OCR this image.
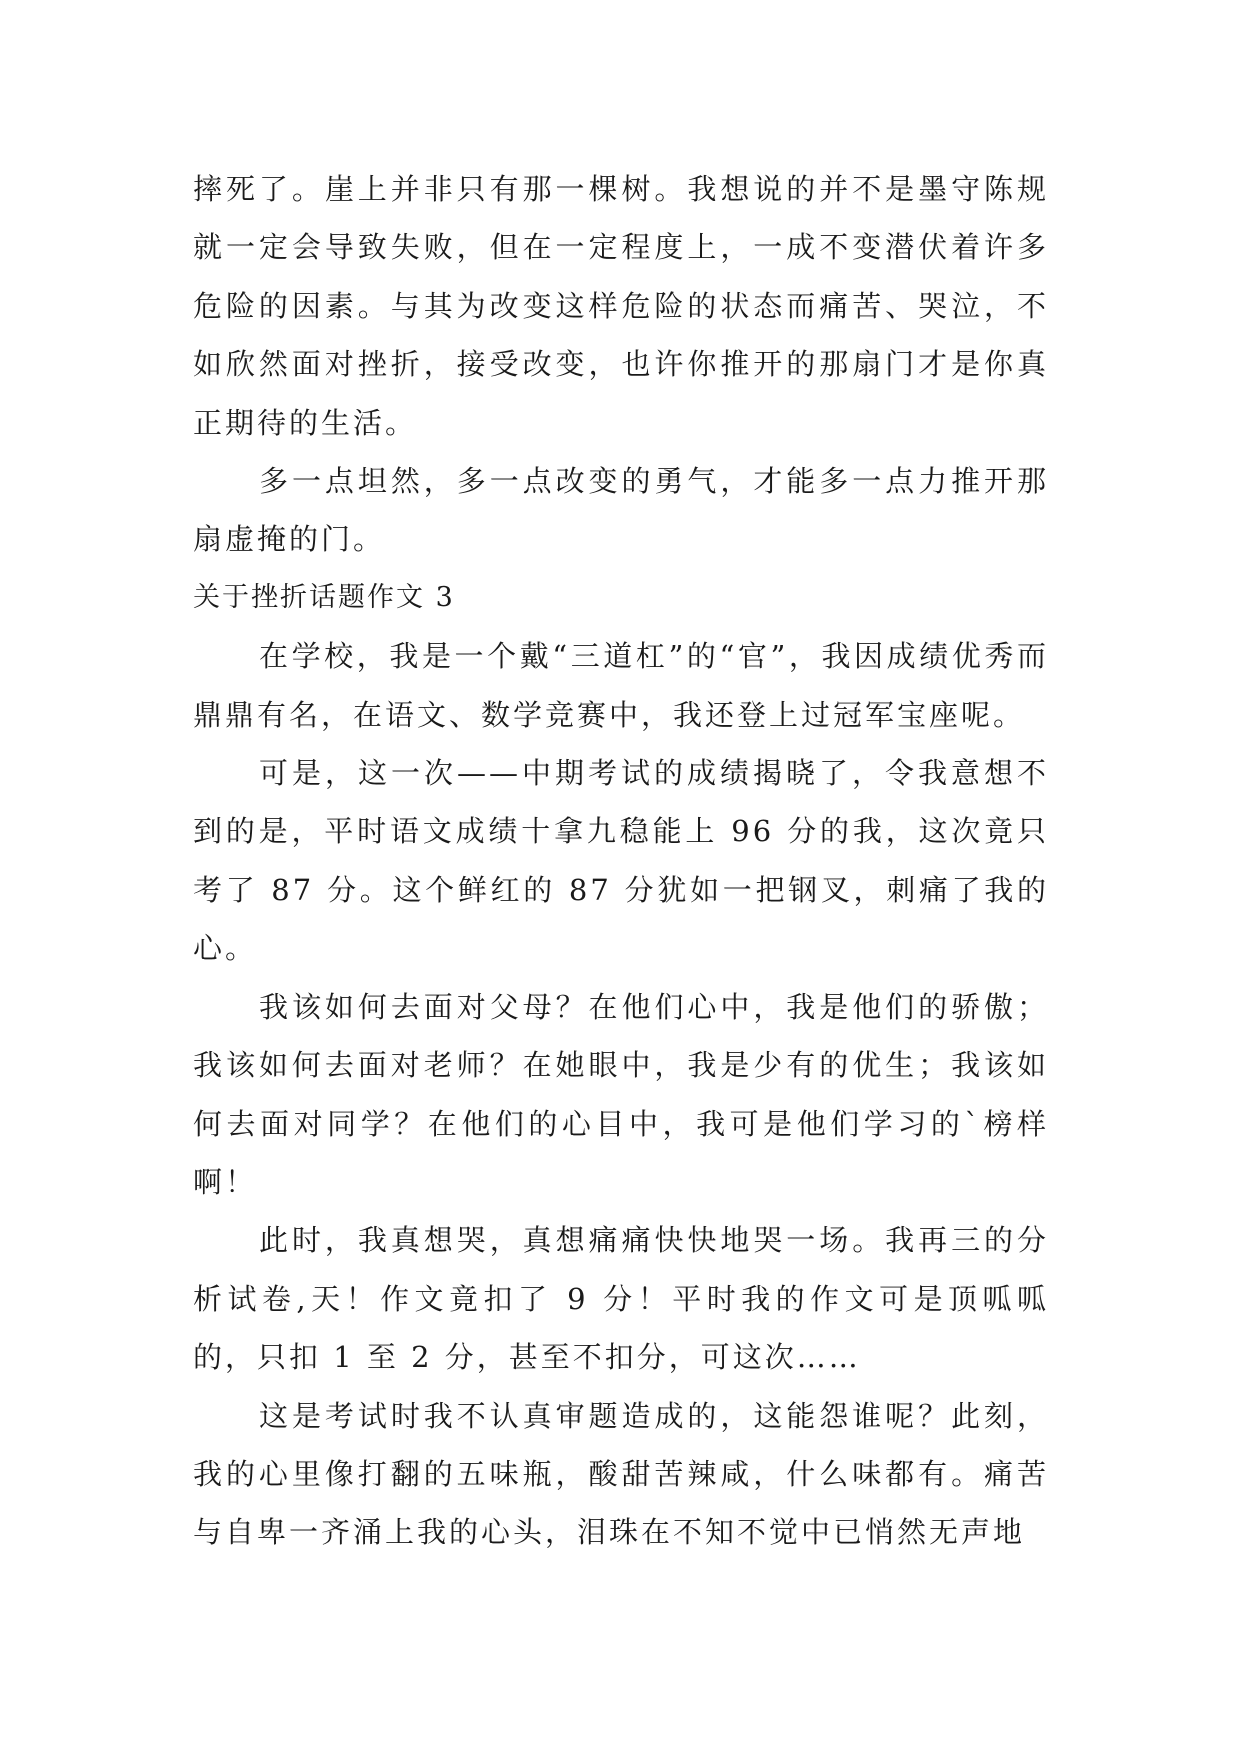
摔死了。崖上并非只有那一棵树。我想说的并不是墨守陈规就一定会导致失败，但在一定程度上，一成不变潜伏着许多危险的因素。与其为改变这样危险的状态而痛苦、哭泣，不如欣然面对挫折，接受改变，也许你推开的那扇门才是你真正期待的生活。

多一点坦然，多一点改变的勇气，才能多一点力推开那扇虚掩的门。

关于挫折话题作文 3

在学校，我是一个戴“三道杠”的“官”，我因成绩优秀而鼎鼎有名，在语文、数学竞赛中，我还登上过冠军宝座呢。

可是，这一次——中期考试的成绩揭晓了，令我意想不到的是，平时语文成绩十拿九稳能上 96 分的我，这次竟只考了 87 分。这个鲜红的 87 分犹如一把钢叉，刺痛了我的心。

我该如何去面对父母？在他们心中，我是他们的骄傲；我该如何去面对老师？在她眼中，我是少有的优生；我该如何去面对同学？在他们的心目中，我可是他们学习的`榜样啊！

此时，我真想哭，真想痛痛快快地哭一场。我再三的分析试卷,天！作文竟扣了 9 分！平时我的作文可是顶呱呱的，只扣 1 至 2 分，甚至不扣分，可这次……

这是考试时我不认真审题造成的，这能怨谁呢？此刻，我的心里像打翻的五味瓶，酸甜苦辣咸，什么味都有。痛苦与自卑一齐涌上我的心头，泪珠在不知不觉中已悄然无声地
